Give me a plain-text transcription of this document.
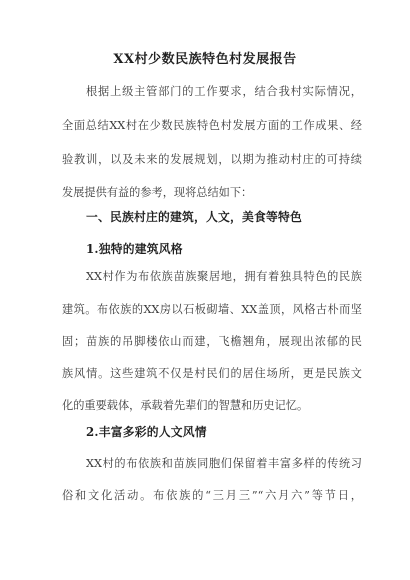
XX村少数民族特色村发展报告
根据上级主管部门的工作要求，结合我村实际情况，
全面总结XX村在少数民族特色村发展方面的工作成果、经
验教训，以及未来的发展规划，以期为推动村庄的可持续
发展提供有益的参考，现将总结如下：
一、民族村庄的建筑，人文，美食等特色
1.独特的建筑风格
XX村作为布依族苗族聚居地，拥有着独具特色的民族
建筑。布依族的XX房以石板砌墙、XX盖顶，风格古朴而坚
固；苗族的吊脚楼依山而建，飞檐翘角，展现出浓郁的民
族风情。这些建筑不仅是村民们的居住场所，更是民族文
化的重要载体，承载着先辈们的智慧和历史记忆。
2.丰富多彩的人文风情
XX村的布依族和苗族同胞们保留着丰富多样的传统习
俗和文化活动。布依族的“三月三”“六月六”等节日，
